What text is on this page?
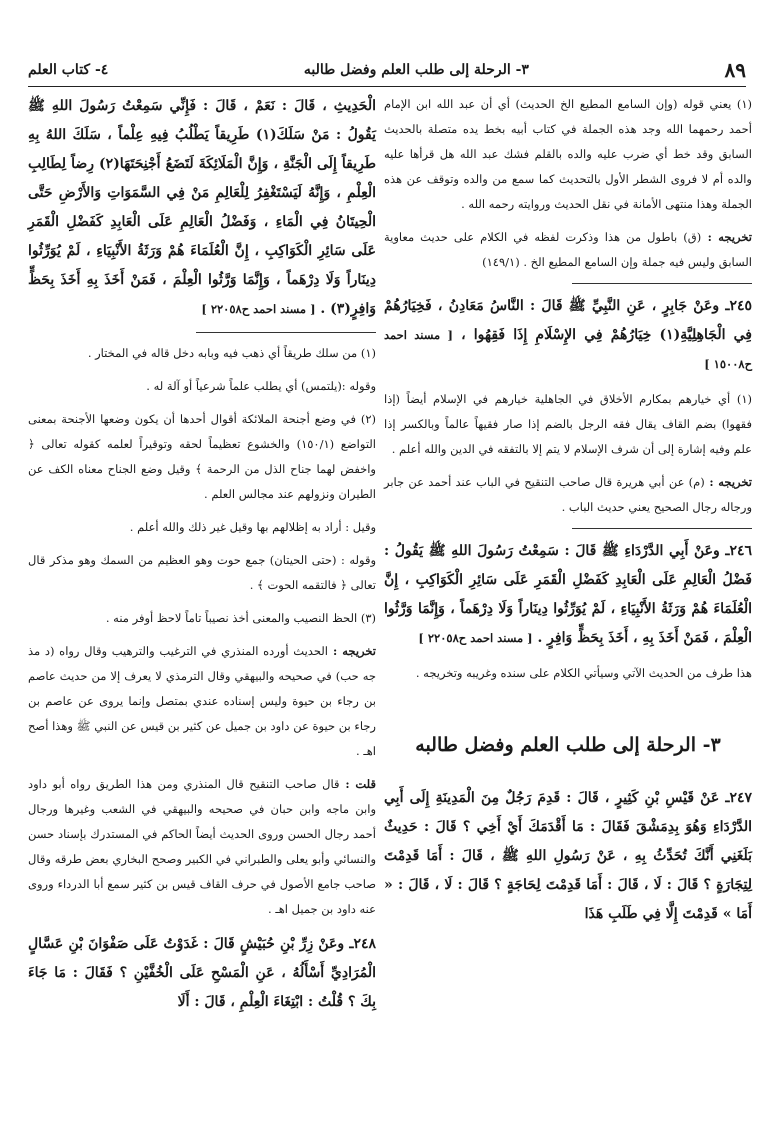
٨٩
٣- الرحلة إلى طلب العلم وفضل طالبه
٤- كتاب العلم
(١) يعني قوله (وإن السامع المطيع الخ الحديث) أي أن عبد الله ابن الإمام أحمد رحمهما الله وجد هذه الجملة في كتاب أبيه بخط يده متصلة بالحديث السابق وقد خط أي ضرب عليه والده بالقلم فشك عبد الله هل قرأها عليه والده أم لا فروى الشطر الأول بالتحديث كما سمع من والده وتوقف عن هذه الجملة وهذا منتهى الأمانة في نقل الحديث وروايته رحمه الله .
تخريجه : (ق) باطول من هذا وذكرت لفظه في الكلام على حديث معاوية السابق وليس فيه جملة وإن السامع المطيع الخ . (١٤٩/١)
٢٤٥ـ وعَنْ جَابِرٍ ، عَنِ النَّبِيِّ ﷺ قَالَ : النَّاسُ مَعَادِنُ ، فَخِيَارُهُمْ فِي الْجَاهِلِيَّةِ(١) خِيَارُهُمْ فِي الإِسْلَامِ إِذَا فَقِهُوا ، [ مسند احمد ح١٥٠٠٨ ]
(١) أي خيارهم بمكارم الأخلاق في الجاهلية خيارهم في الإسلام أيضاً (إذا فقهوا) بضم القاف يقال فقه الرجل بالضم إذا صار فقيهاً عالماً وبالكسر إذا علم وفيه إشارة إلى أن شرف الإسلام لا يتم إلا بالتفقه في الدين والله أعلم .
تخريجه : (م) عن أبي هريرة قال صاحب التنقيح في الباب عند أحمد عن جابر ورجاله رجال الصحيح يعني حديث الباب .
٢٤٦ـ وعَنْ أَبِي الدَّرْدَاءِ ﷺ قَالَ : سَمِعْتُ رَسُولَ اللهِ ﷺ يَقُولُ : فَضْلُ الْعَالِمِ عَلَى الْعَابِدِ كَفَضْلِ الْقَمَرِ عَلَى سَائِرِ الْكَوَاكِبِ ، إِنَّ الْعُلَمَاءَ هُمْ وَرَثَةُ الأَنْبِيَاءِ ، لَمْ يُوَرِّثُوا دِينَاراً وَلَا دِرْهَماً ، وَإِنَّمَا وَرَّثُوا الْعِلْمَ ، فَمَنْ أَخَذَ بِهِ ، أَخَذَ بِحَظٍّ وَافِرٍ . [ مسند احمد ح٢٢٠٥٨ ]
هذا طرف من الحديث الآتي وسيأتي الكلام على سنده وغريبه وتخريجه .
٣- الرحلة إلى طلب العلم وفضل طالبه
٢٤٧ـ عَنْ قَيْسِ بْنِ كَثِيرٍ ، قَالَ : قَدِمَ رَجُلٌ مِنَ الْمَدِينَةِ إِلَى أَبِي الدَّرْدَاءِ وَهُوَ بِدِمَشْقَ فَقَالَ : مَا أَقْدَمَكَ أَيْ أَخِي ؟ قَالَ : حَدِيثٌ بَلَغَنِي أَنَّكَ تُحَدِّثُ بِهِ ، عَنْ رَسُولِ اللهِ ﷺ ، قَالَ : أَمَا قَدِمْتَ لِتِجَارَةٍ ؟ قَالَ : لَا ، قَالَ : أَمَا قَدِمْتَ لِحَاجَةٍ ؟ قَالَ : لَا ، قَالَ : « أَمَا » قَدِمْتَ إِلَّا فِي طَلَبِ هَذَا
الْحَدِيثِ ، قَالَ : نَعَمْ ، قَالَ : فَإِنِّي سَمِعْتُ رَسُولَ اللهِ ﷺ يَقُولُ : مَنْ سَلَكَ(١) طَرِيقاً يَطْلُبُ فِيهِ عِلْماً ، سَلَكَ اللهُ بِهِ طَرِيقاً إِلَى الْجَنَّةِ ، وَإِنَّ الْمَلَائِكَةَ لَتَضَعُ أَجْنِحَتَهَا(٢) رِضاً لِطَالِبِ الْعِلْمِ ، وَإِنَّهُ لَيَسْتَغْفِرُ لِلْعَالِمِ مَنْ فِي السَّمَوَاتِ وَالأَرْضِ حَتَّى الْحِيتَانُ فِي الْمَاءِ ، وَفَضْلُ الْعَالِمِ عَلَى الْعَابِدِ كَفَضْلِ الْقَمَرِ عَلَى سَائِرِ الْكَوَاكِبِ ، إِنَّ الْعُلَمَاءَ هُمْ وَرَثَةُ الأَنْبِيَاءِ ، لَمْ يُوَرِّثُوا دِينَاراً وَلَا دِرْهَماً ، وَإِنَّمَا وَرَّثُوا الْعِلْمَ ، فَمَنْ أَخَذَ بِهِ أَخَذَ بِحَظٍّ وَافِرٍ(٣) . [ مسند احمد ح٢٢٠٥٨ ]
(١) من سلك طريقاً أي ذهب فيه وبابه دخل قاله في المختار .
وقوله :(يلتمس) أي يطلب علماً شرعياً أو آلة له .
(٢) في وضع أجنحة الملائكة أقوال أحدها أن يكون وضعها الأجنحة بمعنى التواضع (١٥٠/١) والخشوع تعظيماً لحقه وتوقيراً لعلمه كقوله تعالى ﴿ واخفض لهما جناح الذل من الرحمة ﴾ وقيل وضع الجناح معناه الكف عن الطيران ونزولهم عند مجالس العلم .
وقيل : أراد به إظلالهم بها وقيل غير ذلك والله أعلم .
وقوله : (حتى الحيتان) جمع حوت وهو العظيم من السمك وهو مذكر قال تعالى ﴿ فالتقمه الحوت ﴾ .
(٣) الحظ النصيب والمعنى أخذ نصيباً تاماً لاحظ أوفر منه .
تخريجه : الحديث أورده المنذري في الترغيب والترهيب وقال رواه (د مذ جه حب) في صحيحه والبيهقي وقال الترمذي لا يعرف إلا من حديث عاصم بن رجاء بن حيوة وليس إسناده عندي بمتصل وإنما يروى عن عاصم بن رجاء بن حيوة عن داود بن جميل عن كثير بن قيس عن النبي ﷺ وهذا أصح اهـ .
قلت : قال صاحب التنقيح قال المنذري ومن هذا الطريق رواه أبو داود وابن ماجه وابن حبان في صحيحه والبيهقي في الشعب وغيرها ورجال أحمد رجال الحسن وروى الحديث أيضاً الحاكم في المستدرك بإسناد حسن والنسائي وأبو يعلى والطبراني في الكبير وصحح البخاري بعض طرقه وقال صاحب جامع الأصول في حرف القاف قيس بن كثير سمع أبا الدرداء وروى عنه داود بن جميل اهـ .
٢٤٨ـ وعَنْ زِرِّ بْنِ حُبَيْشٍ قَالَ : غَدَوْتُ عَلَى صَفْوَانَ بْنِ عَسَّالٍ الْمُرَادِيِّ أَسْأَلُهُ ، عَنِ الْمَسْحِ عَلَى الْخُفَّيْنِ ؟ فَقَالَ : مَا جَاءَ بِكَ ؟ قُلْتُ : ابْتِغَاءَ الْعِلْمِ ، قَالَ : أَلَا
